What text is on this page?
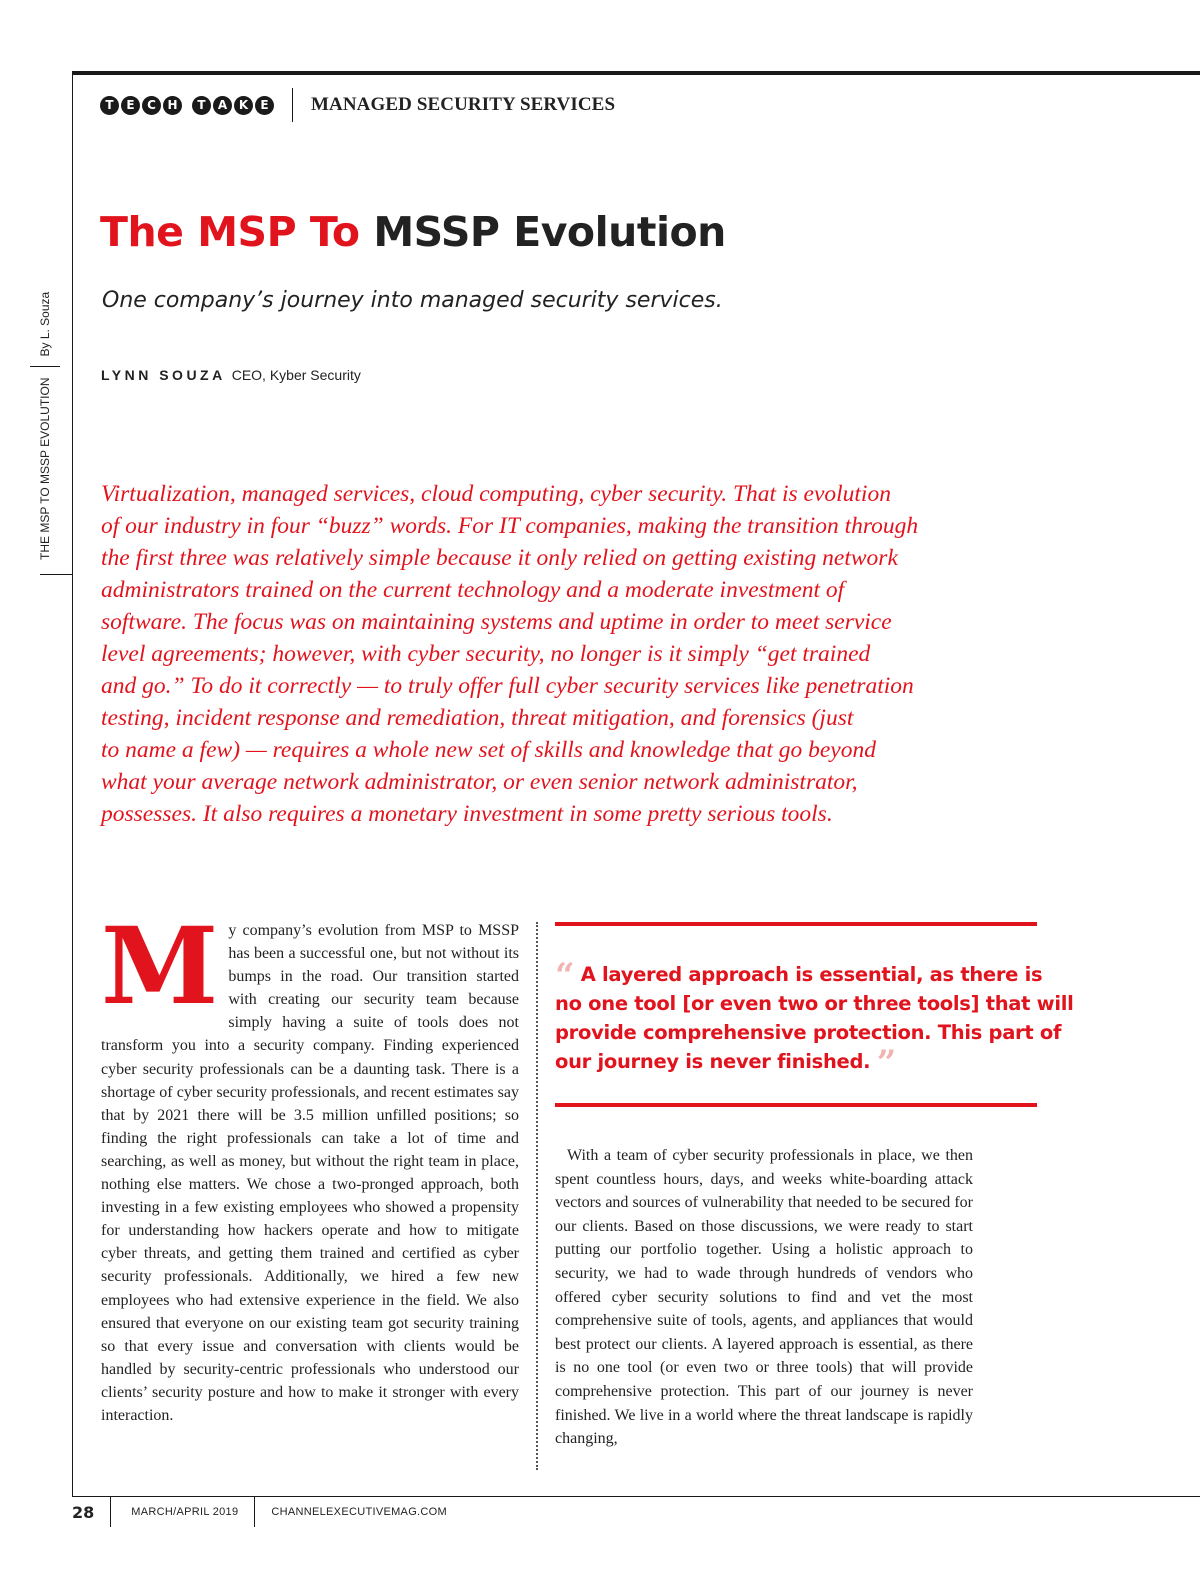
T	E	C H	T	A K	E MANAGED SECURITY SERVICES
THE MSP TO MSSP EVOLUTION
By L. Souza
The MSP To MSSP Evolution
One company’s journey into managed security services.
LYNN SOUZA CEO, Kyber Security

Virtualization, managed services, cloud computing, cyber security. That is evolution

of our industry in four “buzz” words. For IT companies, making the transition through

the first three was relatively simple because it only relied on getting existing network

administrators trained on the current technology and a moderate investment of

software. The focus was on maintaining systems and uptime in order to meet service

level agreements; however, with cyber security, no longer is it simply “get trained

and go.” To do it correctly — to truly offer full cyber security services like penetration

testing, incident response and remediation, threat mitigation, and forensics (just

to name a few) — requires a whole new set of skills and knowledge that go beyond

what your average network administrator, or even senior network administrator,

possesses. It also requires a monetary investment in some pretty serious tools.

M y company’s evolution from MSP to MSSP has been a successful one, but not without its bumps in the road. Our transition started with creating our security team because simply having a suite of tools does not transform you into a security company. Finding experienced cyber security professionals can be a daunting task. There is a shortage of cyber security professionals, and recent estimates say that by 2021 there will be 3.5 million unfilled positions; so finding the right professionals can take a lot of time and searching, as well as money, but without the right team in place, nothing else matters. We chose a two-pronged approach, both investing in a few existing employees who showed a propensity for understanding how hackers operate and how to mitigate cyber threats, and getting them trained and certified as cyber security professionals. Additionally, we hired a few new employees who had extensive experience in the field. We also ensured that everyone on our existing team got security training so that every issue and conversation with clients would be handled by security-centric professionals who understood our clients’ security posture and how to make it stronger with every interaction.

“ A layered approach is essential, as there is

no one tool [or even two or three tools] that will

provide comprehensive protection. This part of

our journey is never finished. ”

With a team of cyber security professionals in place, we then spent countless hours, days, and weeks white-boarding attack vectors and sources of vulnerability that needed to be secured for our clients. Based on those discussions, we were ready to start putting our portfolio together. Using a holistic approach to security, we had to wade through hundreds of vendors who offered cyber security solutions to find and vet the most comprehensive suite of tools, agents, and appliances that would best protect our clients. A layered approach is essential, as there is no one tool (or even two or three tools) that will provide comprehensive protection. This part of our journey is never finished. We live in a world where the threat landscape is rapidly changing,

28	MARCH/APRIL 2019	CHANNELEXECUTIVEMAG.COM
